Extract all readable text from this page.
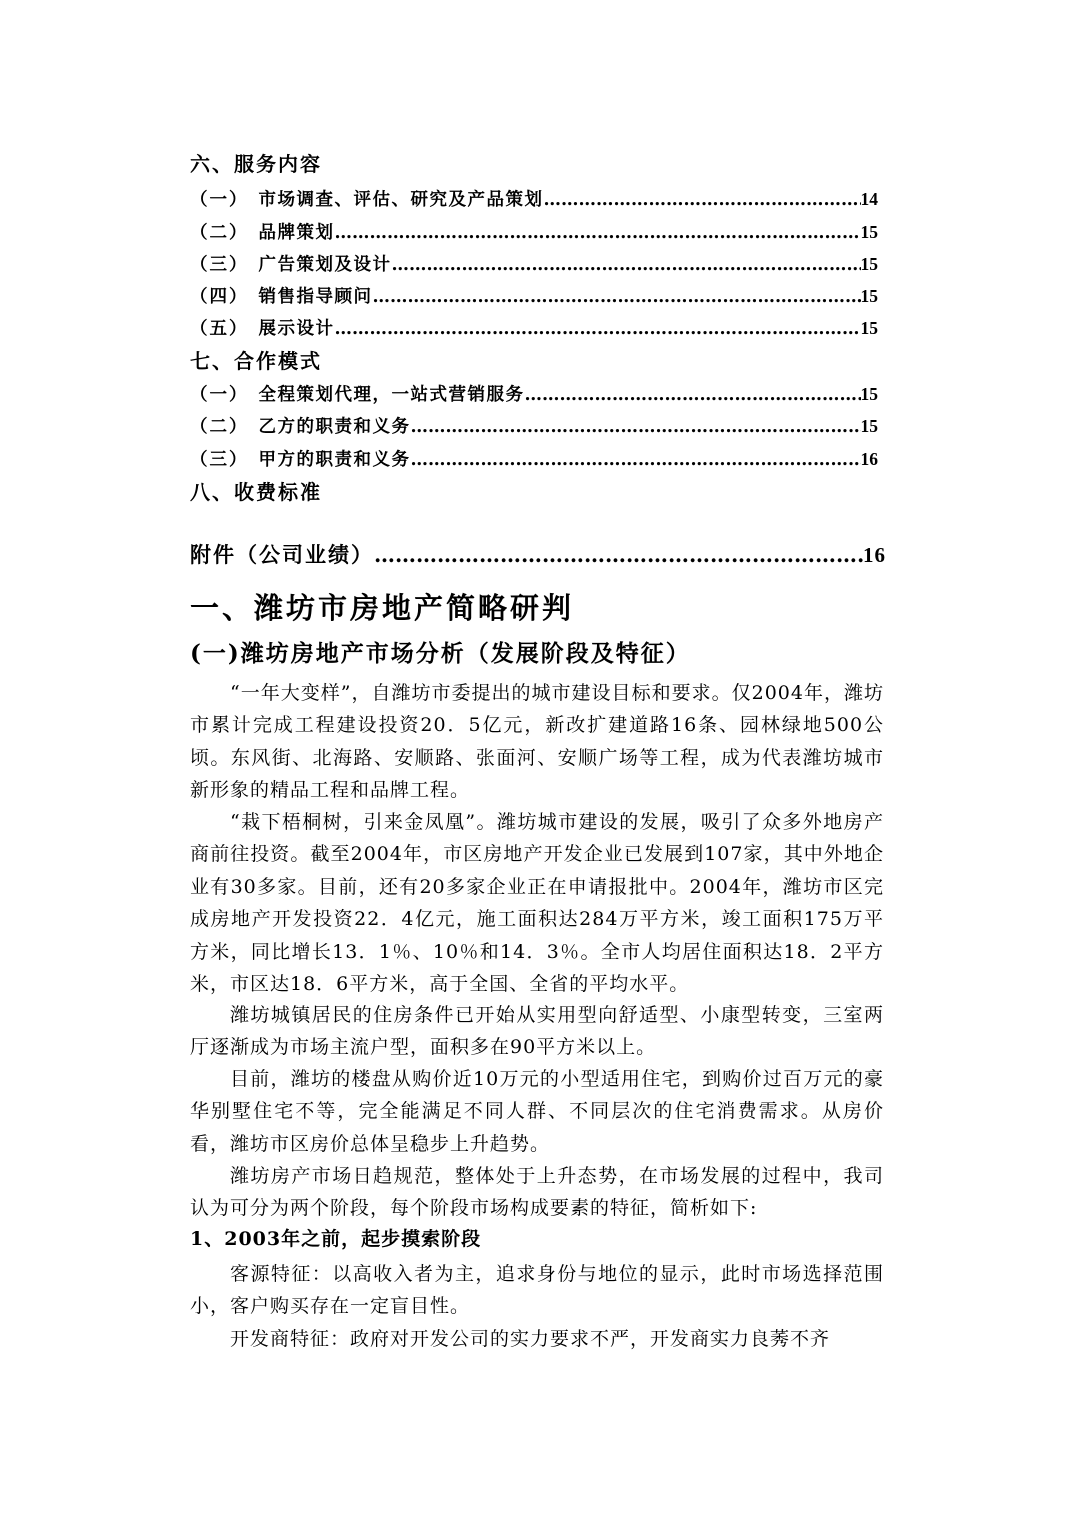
六、服务内容
（一） 市场调查、评估、研究及产品策划 ………………………………………………………………………………………………………………………………………………………………	14
（二） 品牌策划 ………………………………………………………………………………………………………………………………………………………………	15
（三） 广告策划及设计 ………………………………………………………………………………………………………………………………………………………………	15
（四） 销售指导顾问 ………………………………………………………………………………………………………………………………………………………………	15
（五） 展示设计 ………………………………………………………………………………………………………………………………………………………………	15
七、合作模式
（一） 全程策划代理，一站式营销服务 ………………………………………………………………………………………………………………………………………………………………	15
（二） 乙方的职责和义务 ………………………………………………………………………………………………………………………………………………………………	15
（三） 甲方的职责和义务 ………………………………………………………………………………………………………………………………………………………………	16
八、收费标准
附件（公司业绩） ………………………………………………………………………………………………………………………………	16
一、潍坊市房地产简略研判
(一)潍坊房地产市场分析（发展阶段及特征）
“一年大变样”，自潍坊市委提出的城市建设目标和要求。仅2004年，潍坊市累计完成工程建设投资20．5亿元，新改扩建道路16条、园林绿地500公顷。东风街、北海路、安顺路、张面河、安顺广场等工程，成为代表潍坊城市新形象的精品工程和品牌工程。
“栽下梧桐树，引来金凤凰”。潍坊城市建设的发展，吸引了众多外地房产商前往投资。截至2004年，市区房地产开发企业已发展到107家，其中外地企业有30多家。目前，还有20多家企业正在申请报批中。2004年，潍坊市区完成房地产开发投资22．4亿元，施工面积达284万平方米，竣工面积175万平方米，同比增长13．1％、10％和14．3％。全市人均居住面积达18．2平方米，市区达18．6平方米，高于全国、全省的平均水平。
潍坊城镇居民的住房条件已开始从实用型向舒适型、小康型转变，三室两厅逐渐成为市场主流户型，面积多在90平方米以上。
目前，潍坊的楼盘从购价近10万元的小型适用住宅，到购价过百万元的豪华别墅住宅不等，完全能满足不同人群、不同层次的住宅消费需求。从房价看，潍坊市区房价总体呈稳步上升趋势。
潍坊房产市场日趋规范，整体处于上升态势，在市场发展的过程中，我司认为可分为两个阶段，每个阶段市场构成要素的特征，简析如下:
1、2003年之前，起步摸索阶段
客源特征：以高收入者为主，追求身份与地位的显示，此时市场选择范围小，客户购买存在一定盲目性。
开发商特征：政府对开发公司的实力要求不严，开发商实力良莠不齐
